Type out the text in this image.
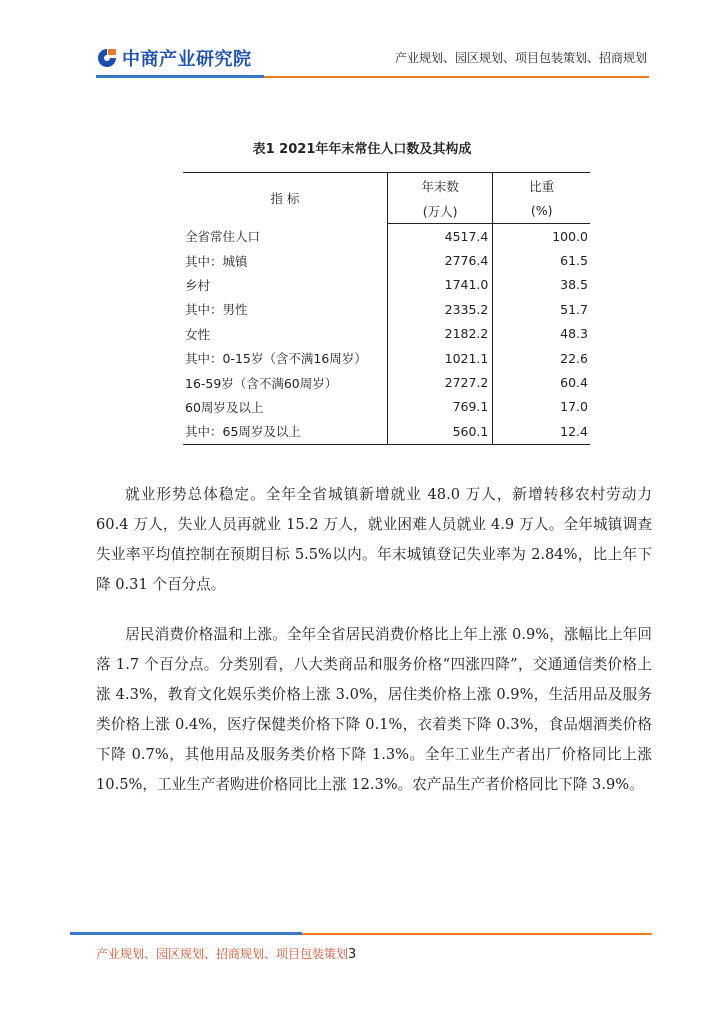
中商产业研究院	产业规划、园区规划、项目包装策划、招商规划
表1 2021年年末常住人口数及其构成
指 标	年末数	比重
	(万人)	(%)
全省常住人口	4517.4	100.0
其中：城镇	2776.4	61.5
乡村	1741.0	38.5
其中：男性	2335.2	51.7
女性	2182.2	48.3
其中：0-15岁（含不满16周岁）	1021.1	22.6
16-59岁（含不满60周岁）	2727.2	60.4
60周岁及以上	769.1	17.0
其中：65周岁及以上	560.1	12.4

就业形势总体稳定。全年全省城镇新增就业 48.0 万人，新增转移农村劳动力 60.4 万人，失业人员再就业 15.2 万人，就业困难人员就业 4.9 万人。全年城镇调查失业率平均值控制在预期目标 5.5%以内。年末城镇登记失业率为 2.84%，比上年下降 0.31 个百分点。

居民消费价格温和上涨。全年全省居民消费价格比上年上涨 0.9%，涨幅比上年回落 1.7 个百分点。分类别看，八大类商品和服务价格“四涨四降”，交通通信类价格上涨 4.3%，教育文化娱乐类价格上涨 3.0%，居住类价格上涨 0.9%，生活用品及服务类价格上涨 0.4%，医疗保健类价格下降 0.1%，衣着类下降 0.3%，食品烟酒类价格下降 0.7%，其他用品及服务类价格下降 1.3%。全年工业生产者出厂价格同比上涨 10.5%，工业生产者购进价格同比上涨 12.3%。农产品生产者价格同比下降 3.9%。

产业规划、园区规划、招商规划、项目包装策划3
